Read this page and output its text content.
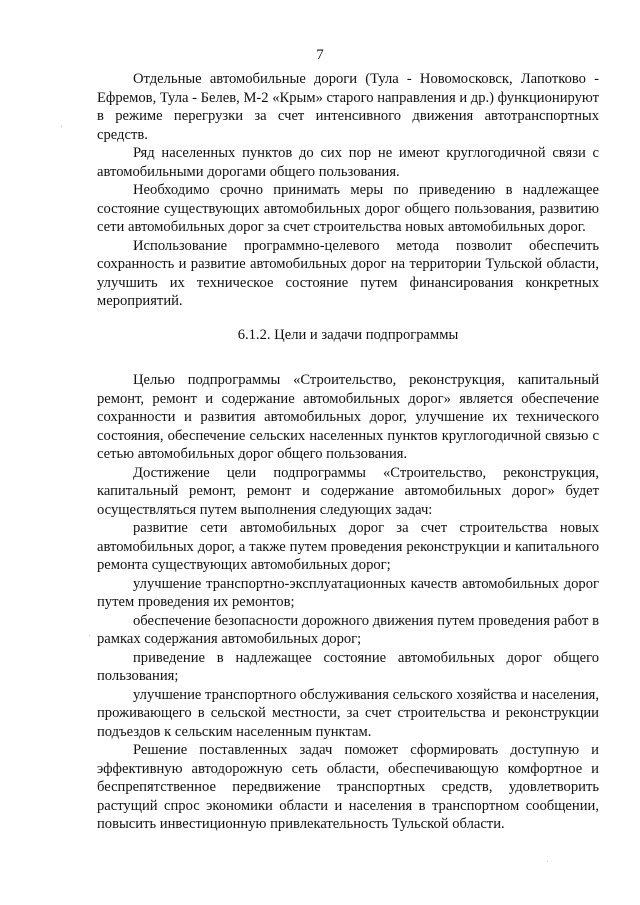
7
'
·
·

Отдельные автомобильные дороги (Тула - Новомосковск, Лапотково - Ефремов, Тула - Белев, М-2 «Крым» старого направления и др.) функционируют в режиме перегрузки за счет интенсивного движения автотранспортных средств.

Ряд населенных пунктов до сих пор не имеют круглогодичной связи с автомобильными дорогами общего пользования.

Необходимо срочно принимать меры по приведению в надлежащее состояние существующих автомобильных дорог общего пользования, развитию сети автомобильных дорог за счет строительства новых автомобильных дорог.

Использование программно-целевого метода позволит обеспечить сохранность и развитие автомобильных дорог на территории Тульской области, улучшить их техническое состояние путем финансирования конкретных мероприятий.

6.1.2. Цели и задачи подпрограммы

Целью подпрограммы «Строительство, реконструкция, капитальный ремонт, ремонт и содержание автомобильных дорог» является обеспечение сохранности и развития автомобильных дорог, улучшение их технического состояния, обеспечение сельских населенных пунктов круглогодичной связью с сетью автомобильных дорог общего пользования.

Достижение цели подпрограммы «Строительство, реконструкция, капитальный ремонт, ремонт и содержание автомобильных дорог» будет осуществляться путем выполнения следующих задач:

развитие сети автомобильных дорог за счет строительства новых автомобильных дорог, а также путем проведения реконструкции и капитального ремонта существующих автомобильных дорог;

улучшение транспортно-эксплуатационных качеств автомобильных дорог путем проведения их ремонтов;

обеспечение безопасности дорожного движения путем проведения работ в рамках содержания автомобильных дорог;

приведение в надлежащее состояние автомобильных дорог общего пользования;

улучшение транспортного обслуживания сельского хозяйства и населения, проживающего в сельской местности, за счет строительства и реконструкции подъездов к сельским населенным пунктам.

Решение поставленных задач поможет сформировать доступную и эффективную автодорожную сеть области, обеспечивающую комфортное и беспрепятственное передвижение транспортных средств, удовлетворить растущий спрос экономики области и населения в транспортном сообщении, повысить инвестиционную привлекательность Тульской области.
